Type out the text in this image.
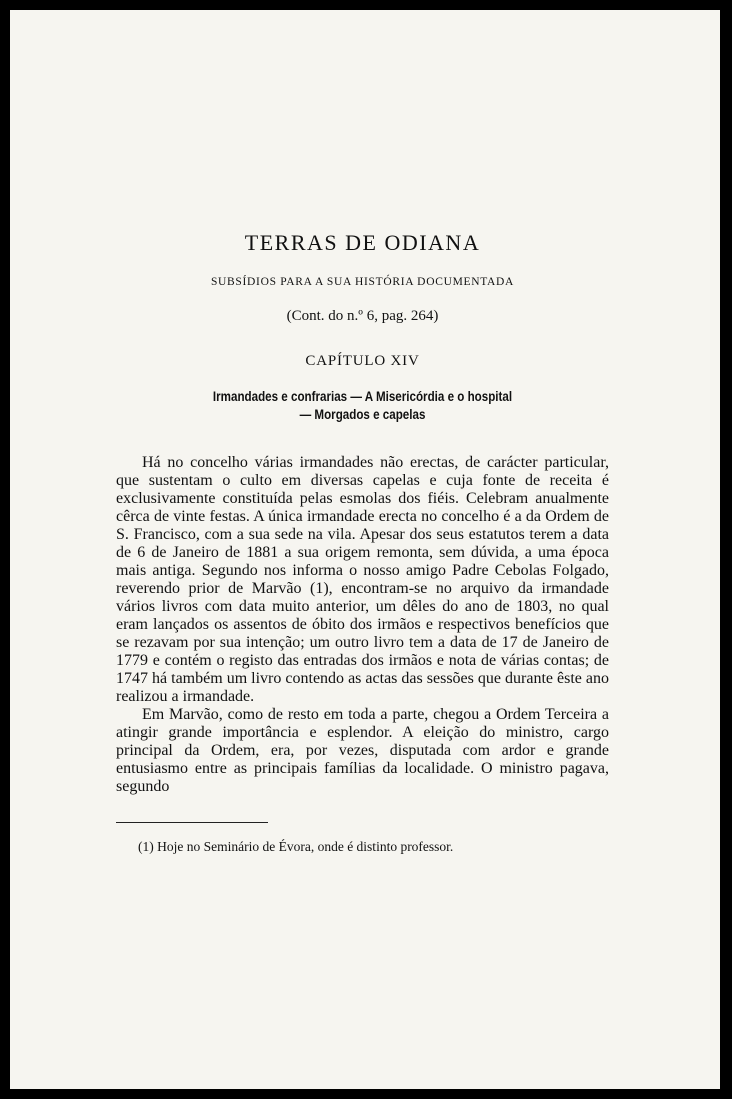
TERRAS DE ODIANA
SUBSÍDIOS PARA A SUA HISTÓRIA DOCUMENTADA
(Cont. do n.º 6, pag. 264)
CAPÍTULO XIV
Irmandades e confrarias — A Misericórdia e o hospital
— Morgados e capelas

Há no concelho várias irmandades não erectas, de carácter particular, que sustentam o culto em diversas capelas e cuja fonte de receita é exclusivamente constituída pelas esmolas dos fiéis. Celebram anualmente cêrca de vinte festas. A única irmandade erecta no concelho é a da Ordem de S. Francisco, com a sua sede na vila. Apesar dos seus estatutos terem a data de 6 de Janeiro de 1881 a sua origem remonta, sem dúvida, a uma época mais antiga. Segundo nos informa o nosso amigo Padre Cebolas Folgado, reverendo prior de Marvão (1), encontram-se no arquivo da irmandade vários livros com data muito anterior, um dêles do ano de 1803, no qual eram lançados os assentos de óbito dos irmãos e respectivos benefícios que se rezavam por sua intenção; um outro livro tem a data de 17 de Janeiro de 1779 e contém o registo das entradas dos irmãos e nota de várias contas; de 1747 há também um livro contendo as actas das sessões que durante êste ano realizou a irmandade.

Em Marvão, como de resto em toda a parte, chegou a Ordem Terceira a atingir grande importância e esplendor. A eleição do ministro, cargo principal da Ordem, era, por vezes, disputada com ardor e grande entusiasmo entre as principais famílias da localidade. O ministro pagava, segundo

(1) Hoje no Seminário de Évora, onde é distinto professor.
